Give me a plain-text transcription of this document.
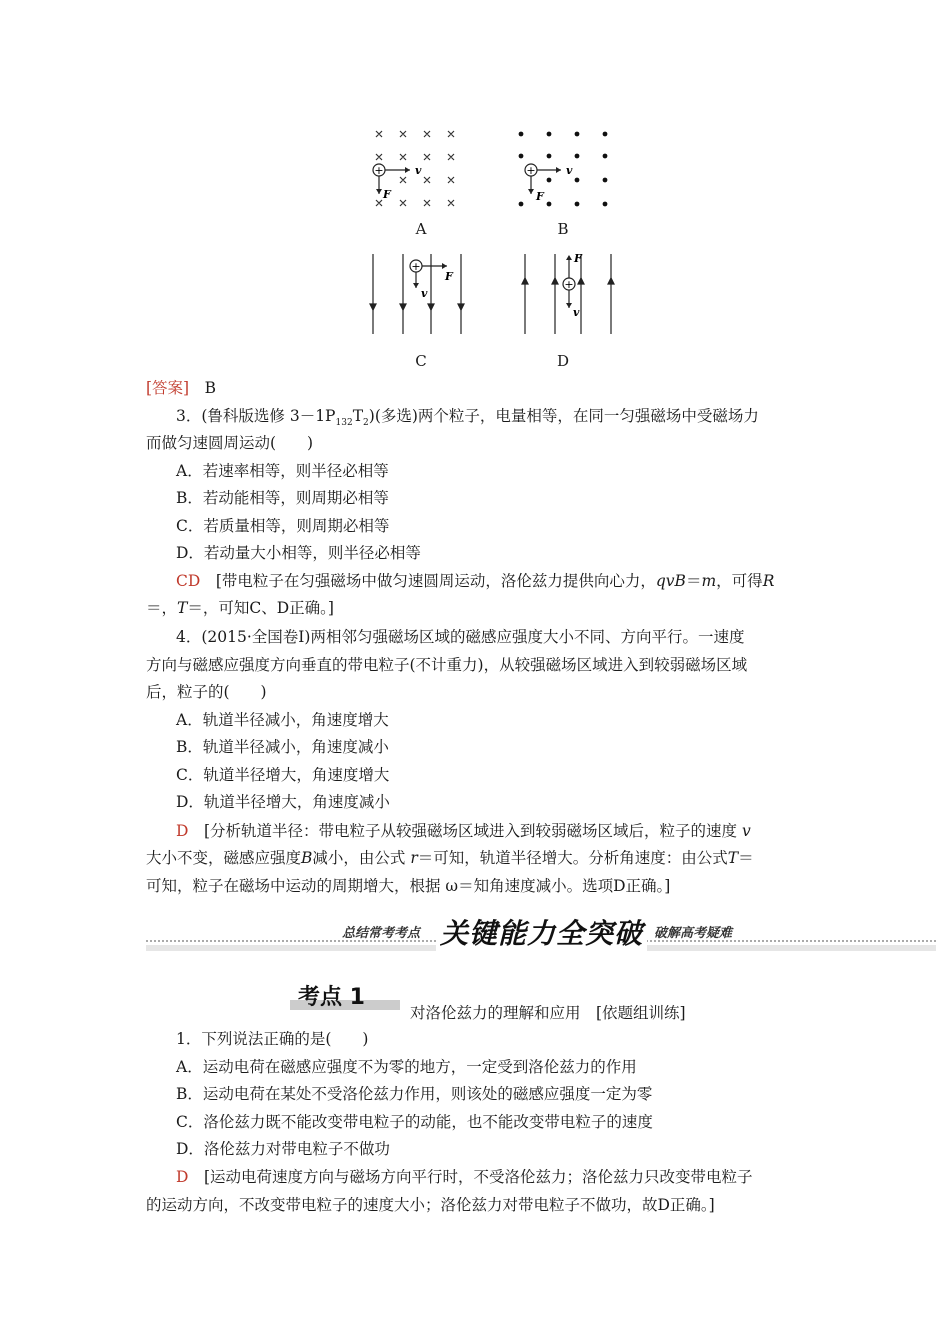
+	v
F
A
+	v
F
B
+
F
v
C
+
F
v
D
[答案]　 B
3．(鲁科版选修 $3-1P_{132}T_2$)(多选)两个粒子，电量相等，在同一匀强磁场中受磁场力
而做匀速圆周运动(　　)
A．若速率相等，则半径必相等
B．若动能相等，则周期必相等
C．若质量相等，则周期必相等
D．若动量大小相等，则半径必相等
CD　 [带电粒子在匀强磁场中做匀速圆周运动，洛伦兹力提供向心力，qvB＝m，可得R
＝，T＝，可知C、D正确。]
4．(2015·全国卷Ⅰ)两相邻匀强磁场区域的磁感应强度大小不同、方向平行。一速度
方向与磁感应强度方向垂直的带电粒子(不计重力)，从较强磁场区域进入到较弱磁场区域
后，粒子的(　　)
A．轨道半径减小，角速度增大
B．轨道半径减小，角速度减小
C．轨道半径增大，角速度增大
D．轨道半径增大，角速度减小
D　 [分析轨道半径：带电粒子从较强磁场区域进入到较弱磁场区域后，粒子的速度 v
大小不变，磁感应强度B减小，由公式 r＝可知，轨道半径增大。分析角速度：由公式T＝
可知，粒子在磁场中运动的周期增大，根据 ω＝知角速度减小。选项D正确。]
总结常考考点 关键能力全突破 破解高考疑难
考点 1
对洛伦兹力的理解和应用　[依题组训练]
1．下列说法正确的是(　　)
A．运动电荷在磁感应强度不为零的地方，一定受到洛伦兹力的作用
B．运动电荷在某处不受洛伦兹力作用，则该处的磁感应强度一定为零
C．洛伦兹力既不能改变带电粒子的动能，也不能改变带电粒子的速度
D．洛伦兹力对带电粒子不做功
D　 [运动电荷速度方向与磁场方向平行时，不受洛伦兹力；洛伦兹力只改变带电粒子
的运动方向，不改变带电粒子的速度大小；洛伦兹力对带电粒子不做功，故D正确。]
